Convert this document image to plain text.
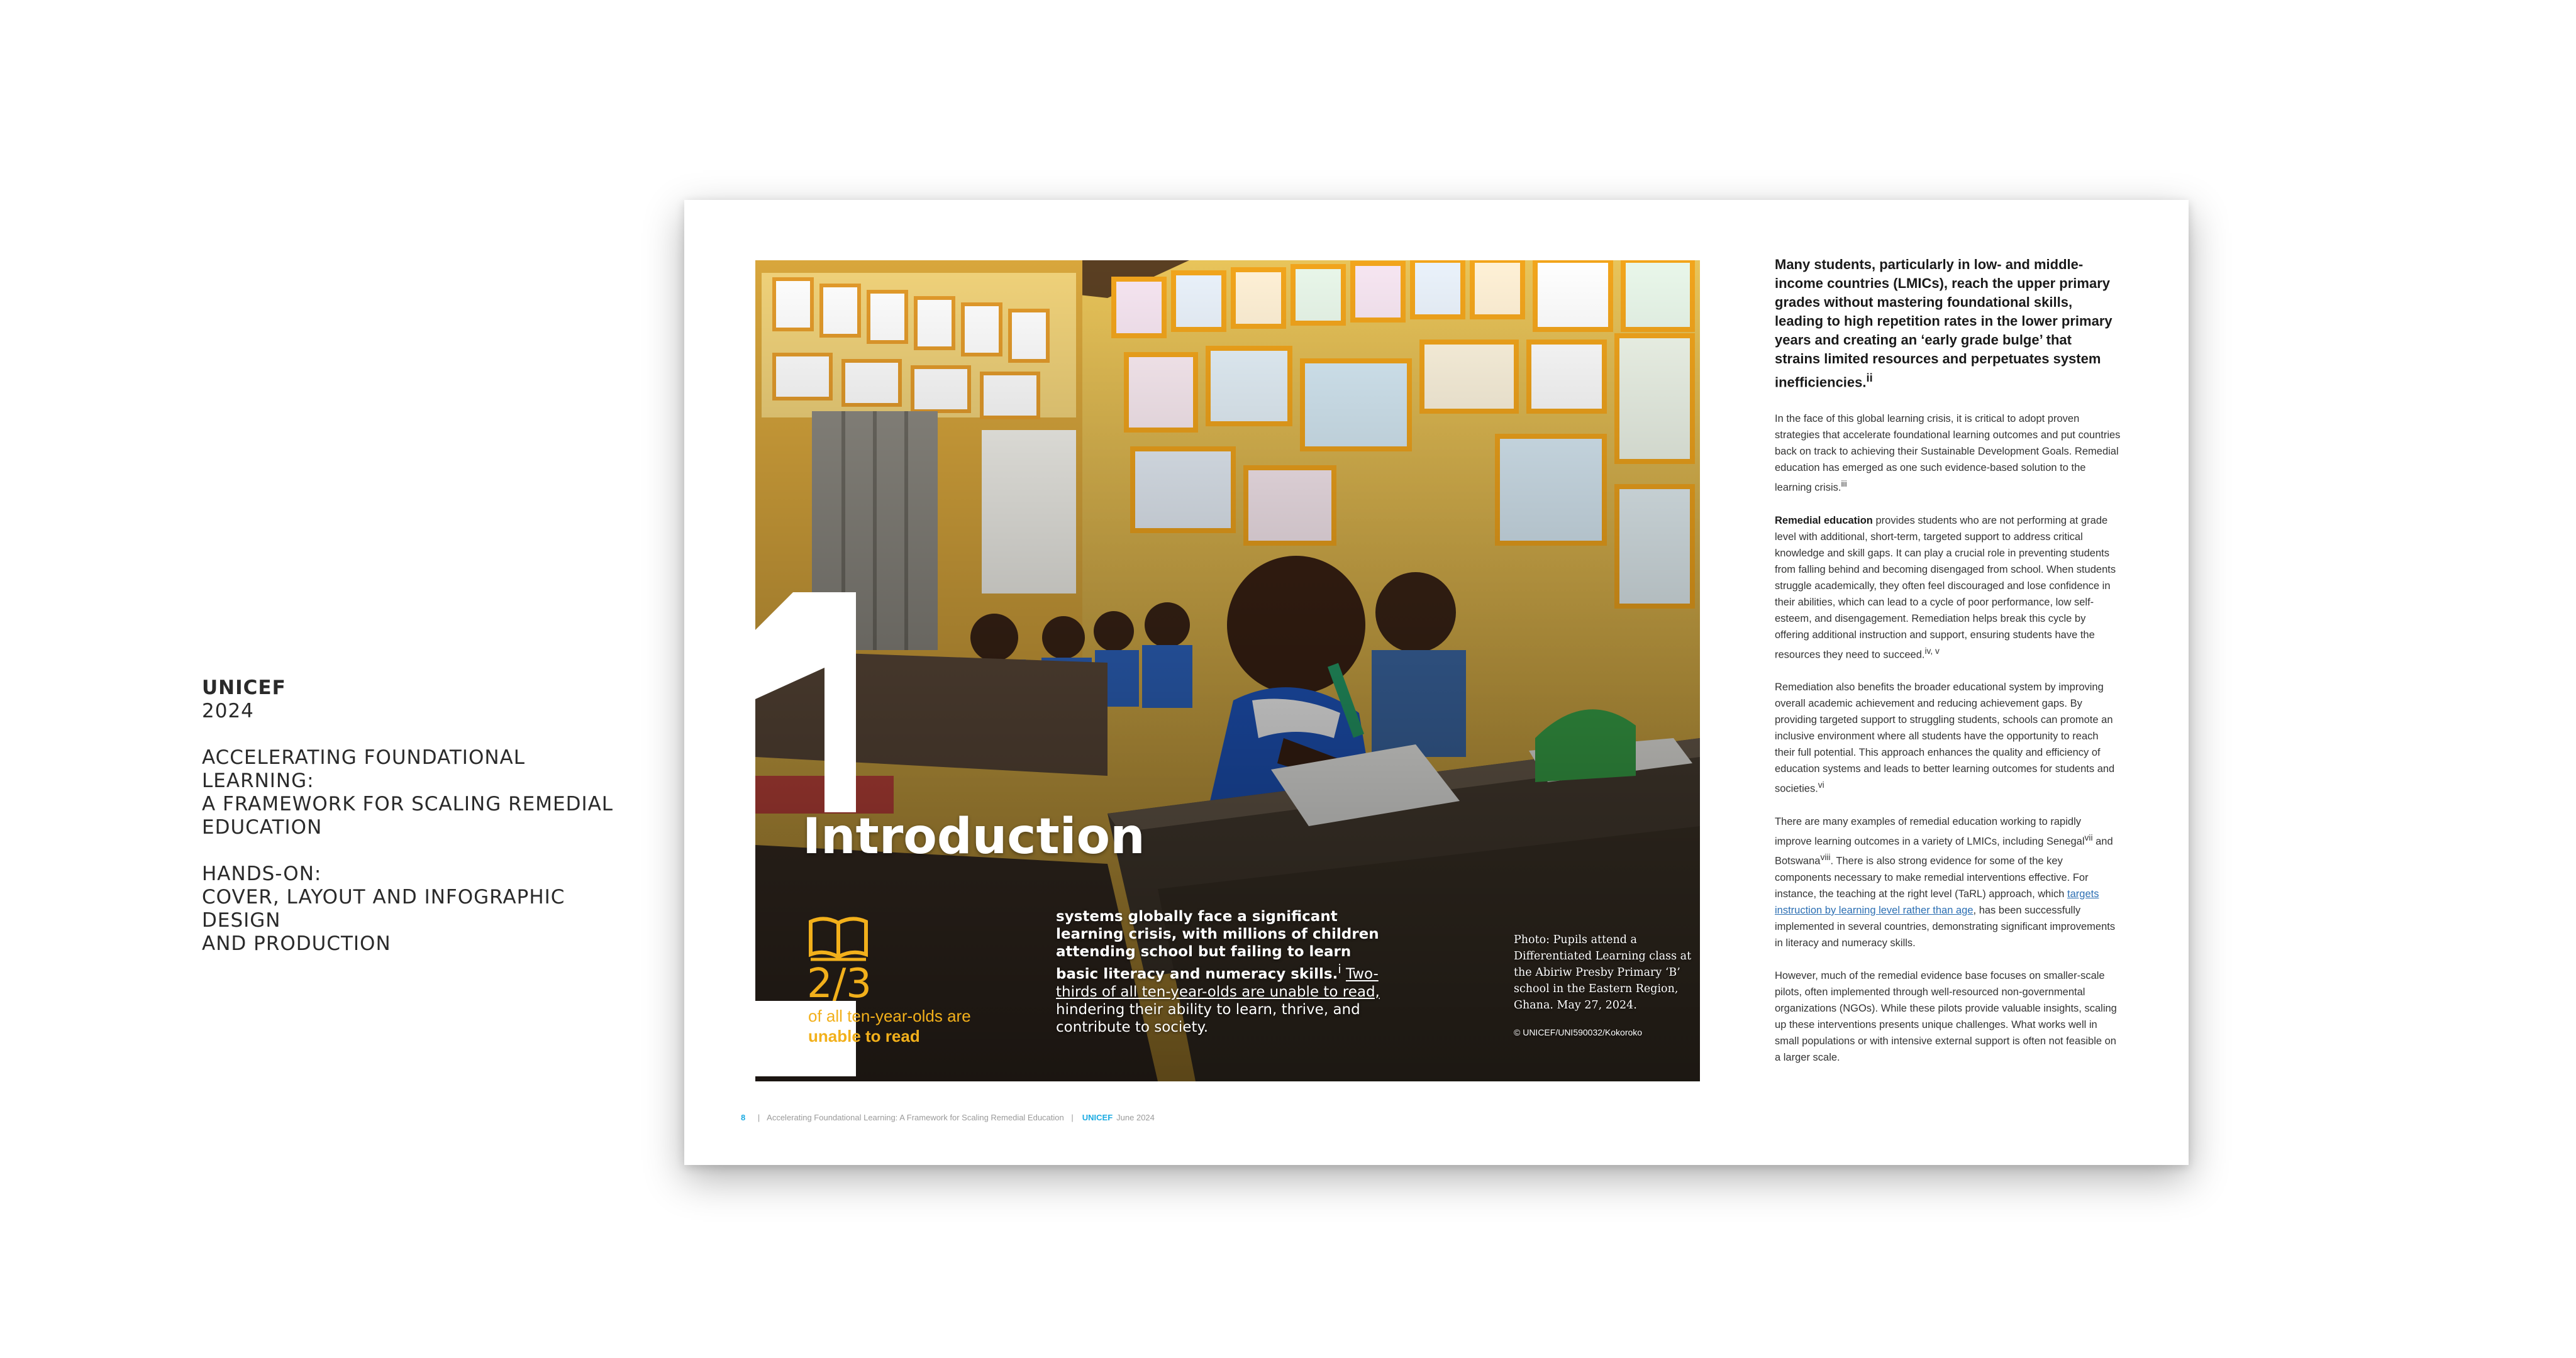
UNICEF
2024
ACCELERATING FOUNDATIONAL LEARNING:
A FRAMEWORK FOR SCALING REMEDIAL
EDUCATION
HANDS-ON:
COVER, LAYOUT AND INFOGRAPHIC DESIGN
AND PRODUCTION
Introduction
2/3

of all ten-year-olds are
unable to read

systems globally face a significant learning crisis, with millions of children attending school but failing to learn basic literacy and numeracy skills.$^i$ Two-thirds of all ten-year-olds are unable to read, hindering their ability to learn, thrive, and contribute to society.

Photo: Pupils attend a Differentiated Learning class at the Abiriw Presby Primary ‘B’ school in the Eastern Region, Ghana. May 27, 2024.

© UNICEF/UNI590032/Kokoroko

Many students, particularly in low- and middle-income countries (LMICs), reach the upper primary grades without mastering foundational skills, leading to high repetition rates in the lower primary years and creating an ‘early grade bulge’ that strains limited resources and perpetuates system inefficiencies.$^{ii}$

In the face of this global learning crisis, it is critical to adopt proven strategies that accelerate foundational learning outcomes and put countries back on track to achieving their Sustainable Development Goals. Remedial education has emerged as one such evidence-based solution to the learning crisis.$^{iii}$

Remedial education provides students who are not performing at grade level with additional, short-term, targeted support to address critical knowledge and skill gaps. It can play a crucial role in preventing students from falling behind and becoming disengaged from school. When students struggle academically, they often feel discouraged and lose confidence in their abilities, which can lead to a cycle of poor performance, low self-esteem, and disengagement. Remediation helps break this cycle by offering additional instruction and support, ensuring students have the resources they need to succeed.$^{iv, v}$

Remediation also benefits the broader educational system by improving overall academic achievement and reducing achievement gaps. By providing targeted support to struggling students, schools can promote an inclusive environment where all students have the opportunity to reach their full potential. This approach enhances the quality and efficiency of education systems and leads to better learning outcomes for students and societies.$^{vi}$

There are many examples of remedial education working to rapidly improve learning outcomes in a variety of LMICs, including Senegal$^{vii}$ and Botswana$^{viii}$. There is also strong evidence for some of the key components necessary to make remedial interventions effective. For instance, the teaching at the right level (TaRL) approach, which targets instruction by learning level rather than age, has been successfully implemented in several countries, demonstrating significant improvements in literacy and numeracy skills.

However, much of the remedial evidence base focuses on smaller-scale pilots, often implemented through well-resourced non-governmental organizations (NGOs). While these pilots provide valuable insights, scaling up these interventions presents unique challenges. What works well in small populations or with intensive external support is often not feasible on a larger scale.

8 | Accelerating Foundational Learning: A Framework for Scaling Remedial Education | UNICEF June 2024
